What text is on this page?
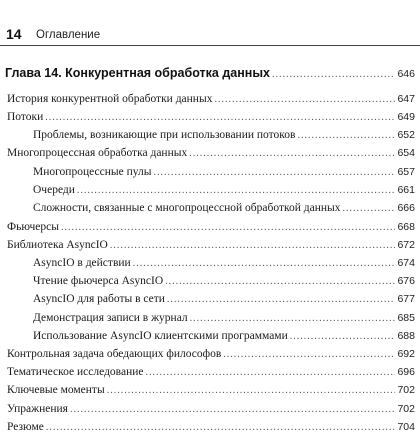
14 Оглавление
Глава 14. Конкурентная обработка данных .....	646
История конкурентной обработки данных .....	647
Потоки .....	649
Проблемы, возникающие при использовании потоков .....	652
Многопроцессная обработка данных .....	654
Многопроцессные пулы .....	657
Очереди .....	661
Сложности, связанные с многопроцессной обработкой данных .....	666
Фьючерсы .....	668
Библиотека AsyncIO .....	672
AsyncIO в действии .....	674
Чтение фьючерса AsyncIO .....	676
AsyncIO для работы в сети .....	677
Демонстрация записи в журнал .....	685
Использование AsyncIO клиентскими программами .....	688
Контрольная задача обедающих философов .....	692
Тематическое исследование .....	696
Ключевые моменты .....	702
Упражнения .....	702
Резюме .....	704
